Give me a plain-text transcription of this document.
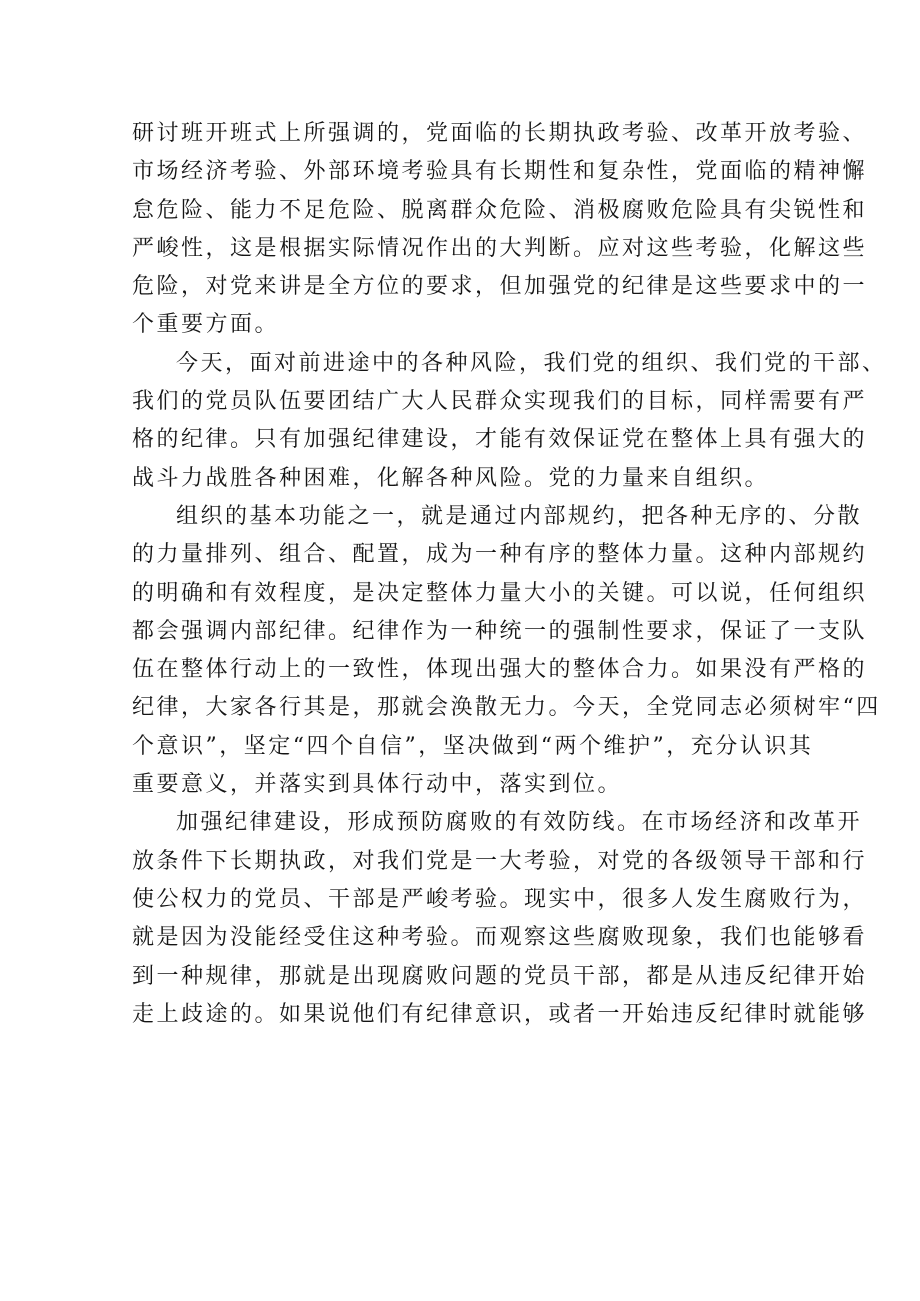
研讨班开班式上所强调的，党面临的长期执政考验、改革开放考验、
市场经济考验、外部环境考验具有长期性和复杂性，党面临的精神懈
怠危险、能力不足危险、脱离群众危险、消极腐败危险具有尖锐性和
严峻性，这是根据实际情况作出的大判断。应对这些考验，化解这些
危险，对党来讲是全方位的要求，但加强党的纪律是这些要求中的一
个重要方面。
今天，面对前进途中的各种风险，我们党的组织、我们党的干部、
我们的党员队伍要团结广大人民群众实现我们的目标，同样需要有严
格的纪律。只有加强纪律建设，才能有效保证党在整体上具有强大的
战斗力战胜各种困难，化解各种风险。党的力量来自组织。
组织的基本功能之一，就是通过内部规约，把各种无序的、分散
的力量排列、组合、配置，成为一种有序的整体力量。这种内部规约
的明确和有效程度，是决定整体力量大小的关键。可以说，任何组织
都会强调内部纪律。纪律作为一种统一的强制性要求，保证了一支队
伍在整体行动上的一致性，体现出强大的整体合力。如果没有严格的
纪律，大家各行其是，那就会涣散无力。今天，全党同志必须树牢“四
个意识”，坚定“四个自信”，坚决做到“两个维护”，充分认识其
重要意义，并落实到具体行动中，落实到位。
加强纪律建设，形成预防腐败的有效防线。在市场经济和改革开
放条件下长期执政，对我们党是一大考验，对党的各级领导干部和行
使公权力的党员、干部是严峻考验。现实中，很多人发生腐败行为，
就是因为没能经受住这种考验。而观察这些腐败现象，我们也能够看
到一种规律，那就是出现腐败问题的党员干部，都是从违反纪律开始
走上歧途的。如果说他们有纪律意识，或者一开始违反纪律时就能够
